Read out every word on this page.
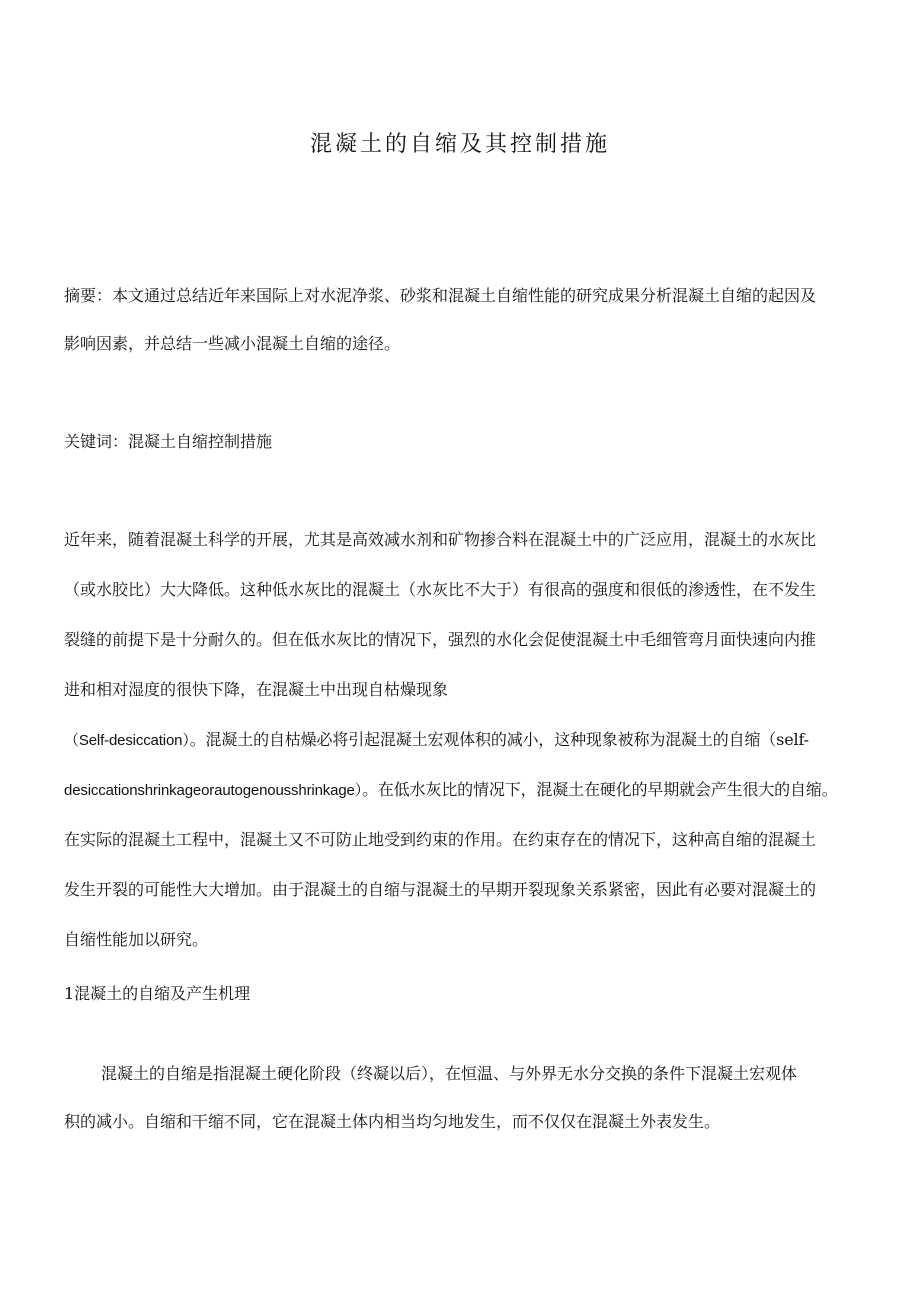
混凝土的自缩及其控制措施
摘要：本文通过总结近年来国际上对水泥净浆、砂浆和混凝土自缩性能的研究成果分析混凝土自缩的起因及
影响因素，并总结一些减小混凝土自缩的途径。
关键词：混凝土自缩控制措施
近年来，随着混凝土科学的开展，尤其是高效减水剂和矿物掺合料在混凝土中的广泛应用，混凝土的水灰比
（或水胶比）大大降低。这种低水灰比的混凝土（水灰比不大于）有很高的强度和很低的渗透性，在不发生
裂缝的前提下是十分耐久的。但在低水灰比的情况下，强烈的水化会促使混凝土中毛细管弯月面快速向内推
进和相对湿度的很快下降，在混凝土中出现自枯燥现象
（Self-desiccation）。混凝土的自枯燥必将引起混凝土宏观体积的减小，这种现象被称为混凝土的自缩（self-
desiccationshrinkageorautogenousshrinkage）。在低水灰比的情况下，混凝土在硬化的早期就会产生很大的自缩。
在实际的混凝土工程中，混凝土又不可防止地受到约束的作用。在约束存在的情况下，这种高自缩的混凝土
发生开裂的可能性大大增加。由于混凝土的自缩与混凝土的早期开裂现象关系紧密，因此有必要对混凝土的
自缩性能加以研究。
1混凝土的自缩及产生机理
混凝土的自缩是指混凝土硬化阶段（终凝以后），在恒温、与外界无水分交换的条件下混凝土宏观体
积的减小。自缩和干缩不同，它在混凝土体内相当均匀地发生，而不仅仅在混凝土外表发生。
